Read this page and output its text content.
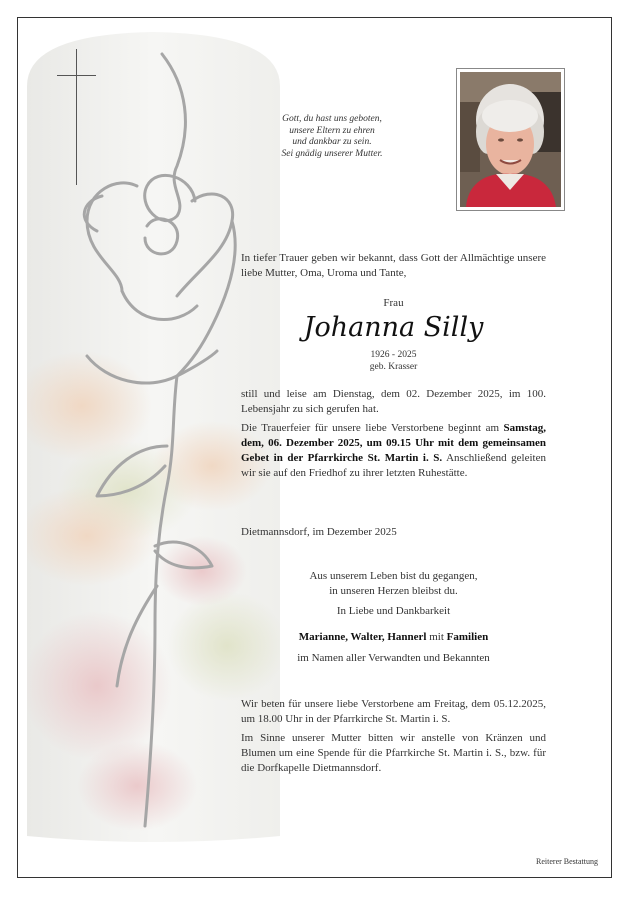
Gott, du hast uns geboten,
unsere Eltern zu ehren
und dankbar zu sein.
Sei gnädig unserer Mutter.
In tiefer Trauer geben wir bekannt, dass Gott der Allmächtige unsere liebe Mutter, Oma, Uroma und Tante,
Frau
Johanna Silly
1926 - 2025
geb. Krasser
still und leise am Dienstag, dem 02. Dezember 2025, im 100. Lebensjahr zu sich gerufen hat.
Die Trauerfeier für unsere liebe Verstorbene beginnt am Samstag, dem, 06. Dezember 2025, um 09.15 Uhr mit dem gemeinsamen Gebet in der Pfarrkirche St. Martin i. S. Anschließend geleiten wir sie auf den Friedhof zu ihrer letzten Ruhestätte.
Dietmannsdorf, im Dezember 2025
Aus unserem Leben bist du gegangen,
in unseren Herzen bleibst du.
In Liebe und Dankbarkeit
Marianne, Walter, Hannerl mit Familien
im Namen aller Verwandten und Bekannten
Wir beten für unsere liebe Verstorbene am Freitag, dem 05.12.2025, um 18.00 Uhr in der Pfarrkirche St. Martin i. S.
Im Sinne unserer Mutter bitten wir anstelle von Kränzen und Blumen um eine Spende für die Pfarrkirche St. Martin i. S., bzw. für die Dorfkapelle Dietmannsdorf.
Reiterer Bestattung
